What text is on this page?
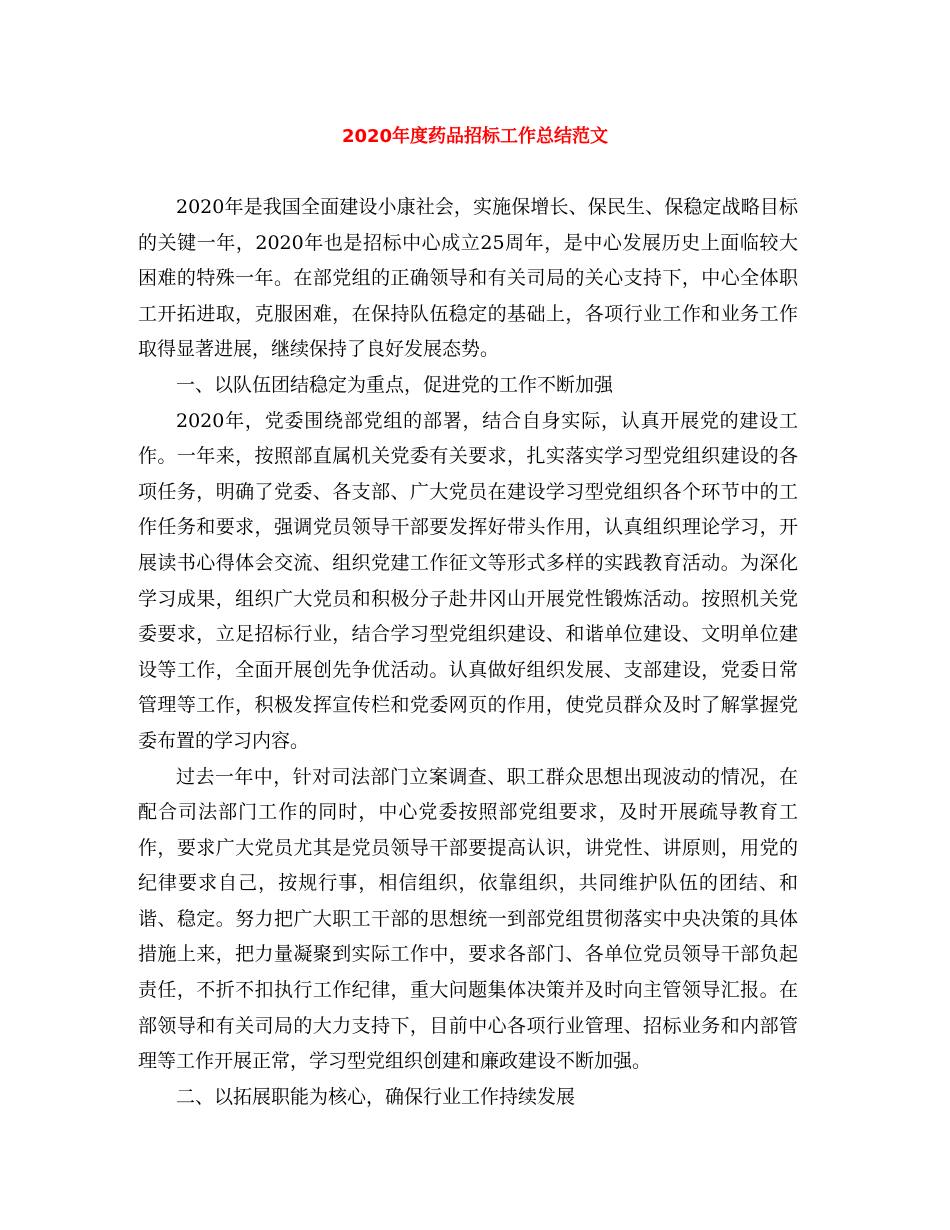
2020年度药品招标工作总结范文

2020年是我国全面建设小康社会，实施保增长、保民生、保稳定战略目标的关键一年，2020年也是招标中心成立25周年，是中心发展历史上面临较大困难的特殊一年。在部党组的正确领导和有关司局的关心支持下，中心全体职工开拓进取，克服困难，在保持队伍稳定的基础上，各项行业工作和业务工作取得显著进展，继续保持了良好发展态势。

一、以队伍团结稳定为重点，促进党的工作不断加强

2020年，党委围绕部党组的部署，结合自身实际，认真开展党的建设工作。一年来，按照部直属机关党委有关要求，扎实落实学习型党组织建设的各项任务，明确了党委、各支部、广大党员在建设学习型党组织各个环节中的工作任务和要求，强调党员领导干部要发挥好带头作用，认真组织理论学习，开展读书心得体会交流、组织党建工作征文等形式多样的实践教育活动。为深化学习成果，组织广大党员和积极分子赴井冈山开展党性锻炼活动。按照机关党委要求，立足招标行业，结合学习型党组织建设、和谐单位建设、文明单位建设等工作，全面开展创先争优活动。认真做好组织发展、支部建设，党委日常管理等工作，积极发挥宣传栏和党委网页的作用，使党员群众及时了解掌握党委布置的学习内容。

过去一年中，针对司法部门立案调查、职工群众思想出现波动的情况，在配合司法部门工作的同时，中心党委按照部党组要求，及时开展疏导教育工作，要求广大党员尤其是党员领导干部要提高认识，讲党性、讲原则，用党的纪律要求自己，按规行事，相信组织，依靠组织，共同维护队伍的团结、和谐、稳定。努力把广大职工干部的思想统一到部党组贯彻落实中央决策的具体措施上来，把力量凝聚到实际工作中，要求各部门、各单位党员领导干部负起责任，不折不扣执行工作纪律，重大问题集体决策并及时向主管领导汇报。在部领导和有关司局的大力支持下，目前中心各项行业管理、招标业务和内部管理等工作开展正常，学习型党组织创建和廉政建设不断加强。

二、以拓展职能为核心，确保行业工作持续发展
